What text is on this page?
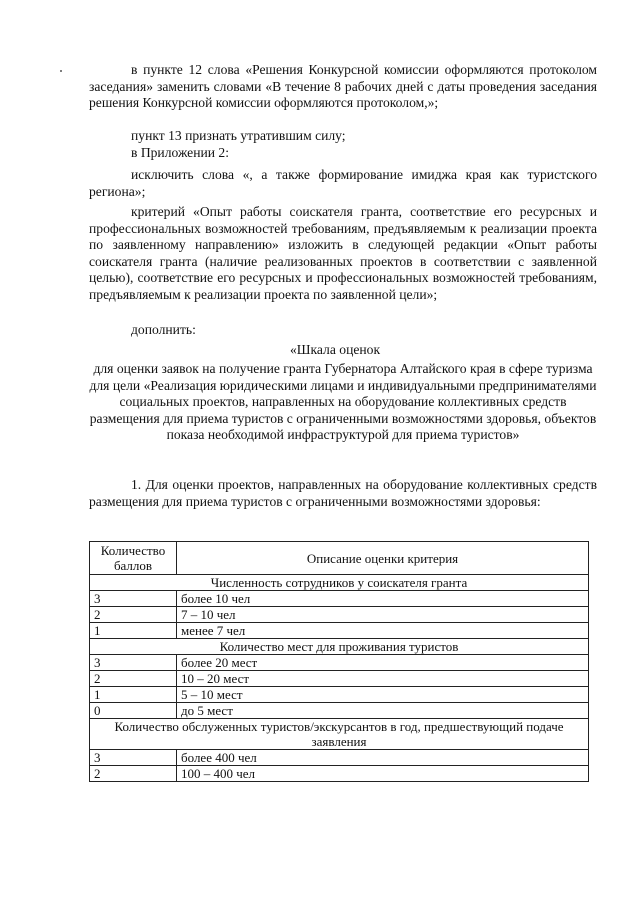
в пункте 12 слова «Решения Конкурсной комиссии оформляются протоколом заседания» заменить словами «В течение 8 рабочих дней с даты проведения заседания решения Конкурсной комиссии оформляются протоколом,»;
пункт 13 признать утратившим силу;
в Приложении 2:
исключить слова «, а также формирование имиджа края как туристского региона»;
критерий «Опыт работы соискателя гранта, соответствие его ресурсных и профессиональных возможностей требованиям, предъявляемым к реализации проекта по заявленному направлению» изложить в следующей редакции «Опыт работы соискателя гранта (наличие реализованных проектов в соответствии с заявленной целью), соответствие его ресурсных и профессиональных возможностей требованиям, предъявляемым к реализации проекта по заявленной цели»;
дополнить:
«Шкала оценок
для оценки заявок на получение гранта Губернатора Алтайского края в сфере туризма для цели «Реализация юридическими лицами и индивидуальными предпринимателями социальных проектов, направленных на оборудование коллективных средств размещения для приема туристов с ограниченными возможностями здоровья, объектов показа необходимой инфраструктурой для приема туристов»
1. Для оценки проектов, направленных на оборудование коллективных средств размещения для приема туристов с ограниченными возможностями здоровья:
Количество баллов	Описание оценки критерия
Численность сотрудников у соискателя гранта	
3	более 10 чел
2	7 – 10 чел
1	менее 7 чел
Количество мест для проживания туристов	
3	более 20 мест
2	10 – 20 мест
1	5 – 10 мест
0	до 5 мест
Количество обслуженных туристов/экскурсантов в год, предшествующий подаче заявления	
3	более 400 чел
2	100 – 400 чел
